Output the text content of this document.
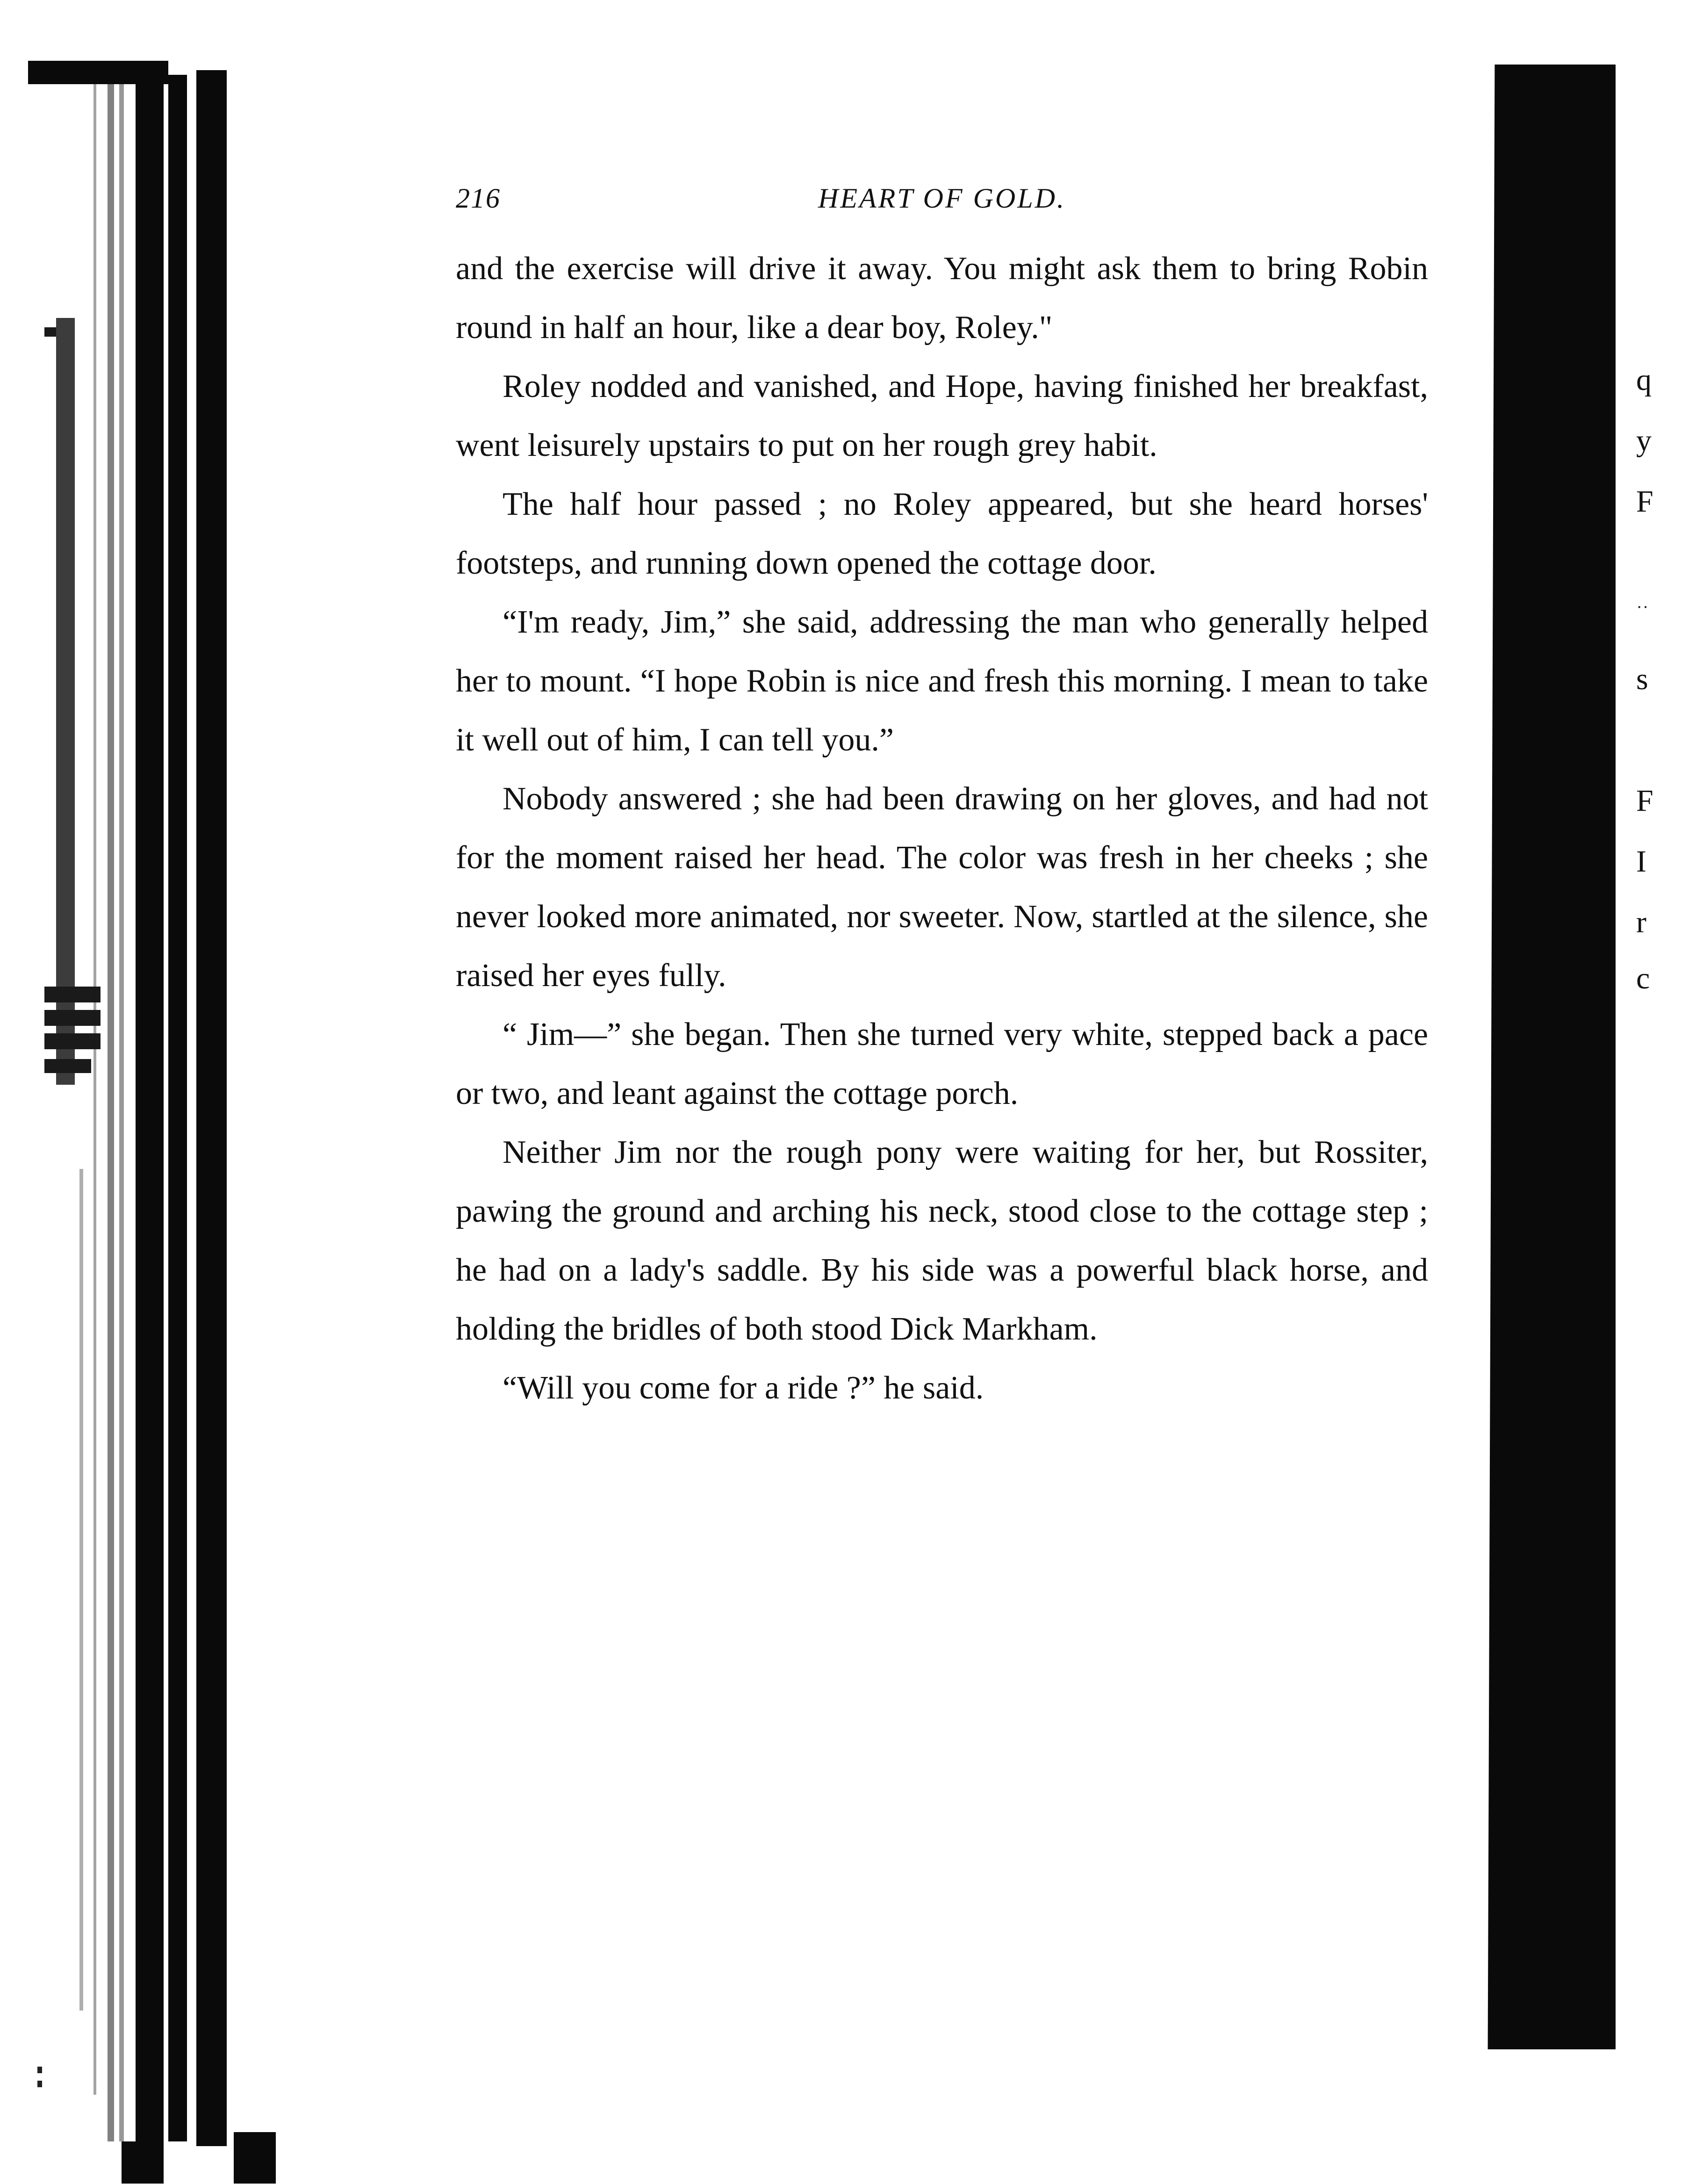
q
y
F
˙˙
s
F
I
r
c
216	HEART OF GOLD.

and the exercise will drive it away. You might ask them to bring Robin round in half an hour, like a dear boy, Roley."

Roley nodded and vanished, and Hope, having finished her breakfast, went leisurely upstairs to put on her rough grey habit.

The half hour passed ; no Roley appeared, but she heard horses' footsteps, and running down opened the cottage door.

“I'm ready, Jim,” she said, addressing the man who generally helped her to mount. “I hope Robin is nice and fresh this morning. I mean to take it well out of him, I can tell you.”

Nobody answered ; she had been drawing on her gloves, and had not for the moment raised her head. The color was fresh in her cheeks ; she never looked more animated, nor sweeter. Now, startled at the silence, she raised her eyes fully.

“ Jim—” she began. Then she turned very white, stepped back a pace or two, and leant against the cottage porch.

Neither Jim nor the rough pony were waiting for her, but Rossiter, pawing the ground and arching his neck, stood close to the cottage step ; he had on a lady's saddle. By his side was a powerful black horse, and holding the bridles of both stood Dick Markham.

“Will you come for a ride ?” he said.
